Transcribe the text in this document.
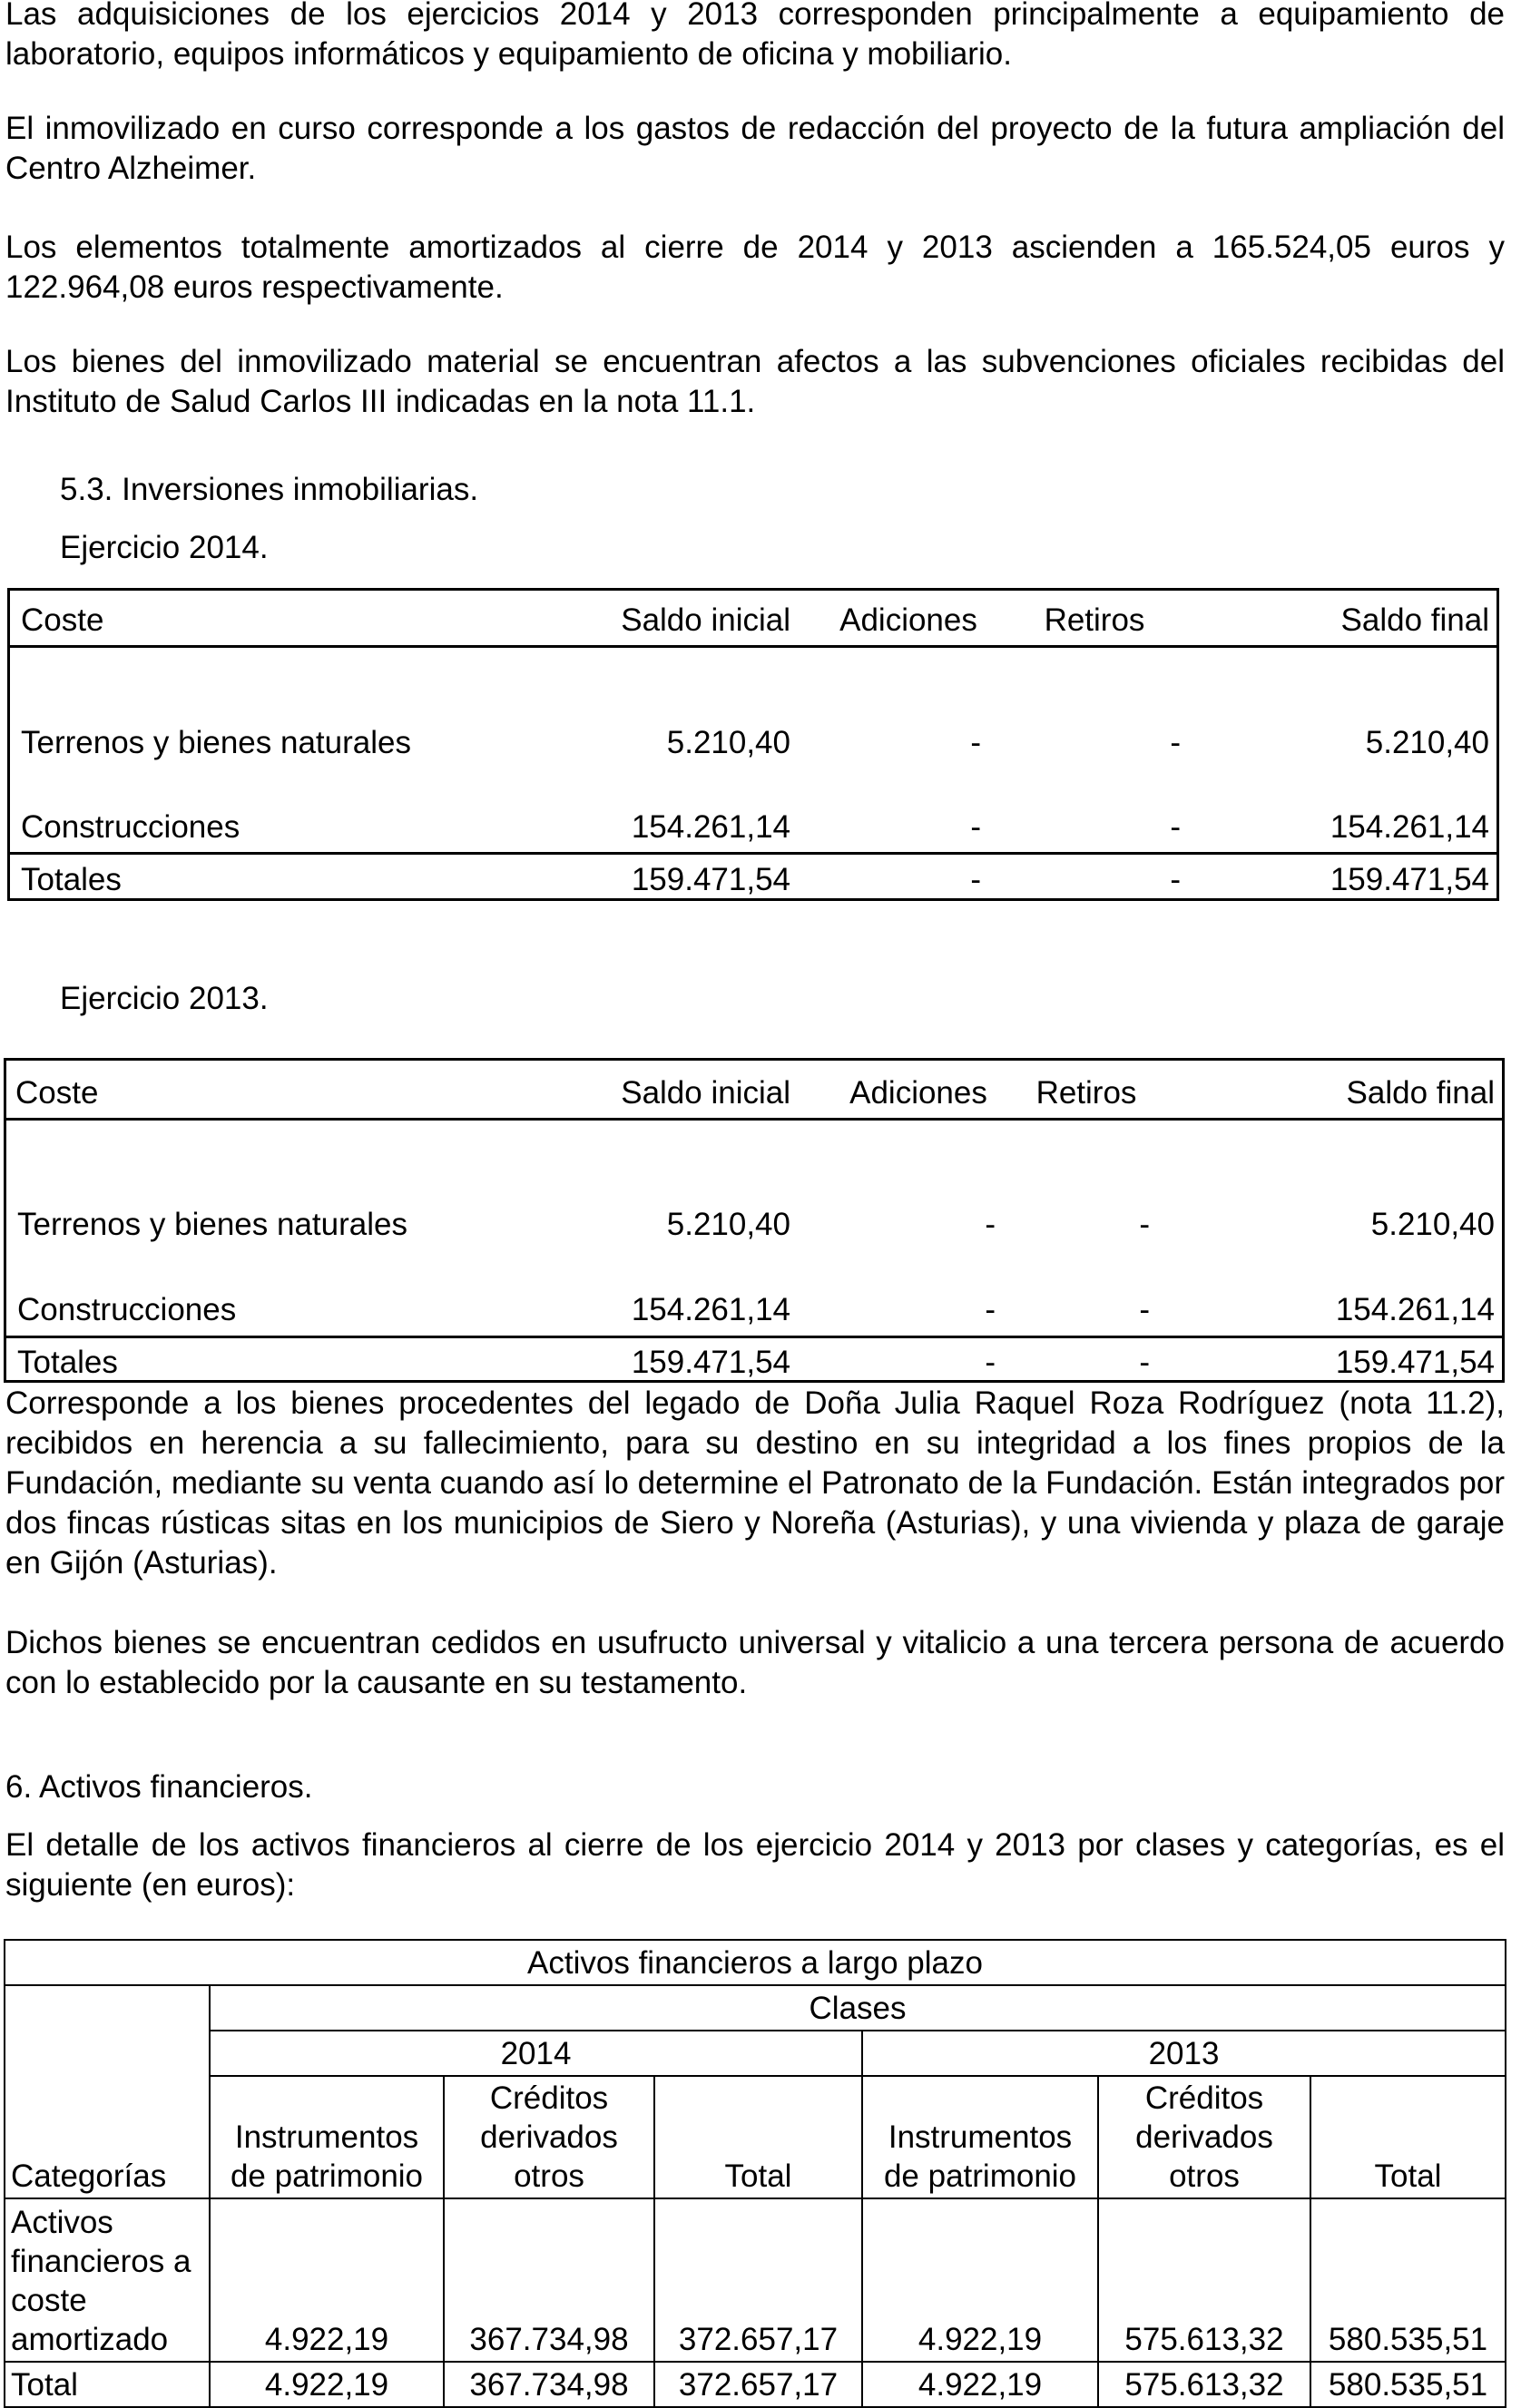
Las adquisiciones de los ejercicios 2014 y 2013 corresponden principalmente a equipamiento de laboratorio, equipos informáticos y equipamiento de oficina y mobiliario.

El inmovilizado en curso corresponde a los gastos de redacción del proyecto de la futura ampliación del Centro Alzheimer.

Los elementos totalmente amortizados al cierre de 2014 y 2013 ascienden a 165.524,05 euros y 122.964,08 euros respectivamente.

Los bienes del inmovilizado material se encuentran afectos a las subvenciones oficiales recibidas del Instituto de Salud Carlos III indicadas en la nota 11.1.

5.3. Inversiones inmobiliarias.

Ejercicio 2014.

Coste	Saldo inicial	Adiciones	Retiros	Saldo final
Terrenos y bienes naturales	5.210,40	-	-	5.210,40
Construcciones	154.261,14	-	-	154.261,14
Totales	159.471,54	-	-	159.471,54

Ejercicio 2013.

Coste	Saldo inicial	Adiciones	Retiros	Saldo final
Terrenos y bienes naturales	5.210,40	-	-	5.210,40
Construcciones	154.261,14	-	-	154.261,14
Totales	159.471,54	-	-	159.471,54

Corresponde a los bienes procedentes del legado de Doña Julia Raquel Roza Rodríguez (nota 11.2), recibidos en herencia a su fallecimiento, para su destino en su integridad a los fines propios de la Fundación, mediante su venta cuando así lo determine el Patronato de la Fundación. Están integrados por dos fincas rústicas sitas en los municipios de Siero y Noreña (Asturias), y una vivienda y plaza de garaje en Gijón (Asturias).

Dichos bienes se encuentran cedidos en usufructo universal y vitalicio a una tercera persona de acuerdo con lo establecido por la causante en su testamento.

6. Activos financieros.

El detalle de los activos financieros al cierre de los ejercicio 2014 y 2013 por clases y categorías, es el siguiente (en euros):

Activos financieros a largo plazo						
Categorías	Clases					
	2014			2013		
	Instrumentos de patrimonio	Créditos derivados otros	Total	Instrumentos de patrimonio	Créditos derivados otros	Total
Activos financieros a coste amortizado	4.922,19	367.734,98	372.657,17	4.922,19	575.613,32	580.535,51
Total	4.922,19	367.734,98	372.657,17	4.922,19	575.613,32	580.535,51
